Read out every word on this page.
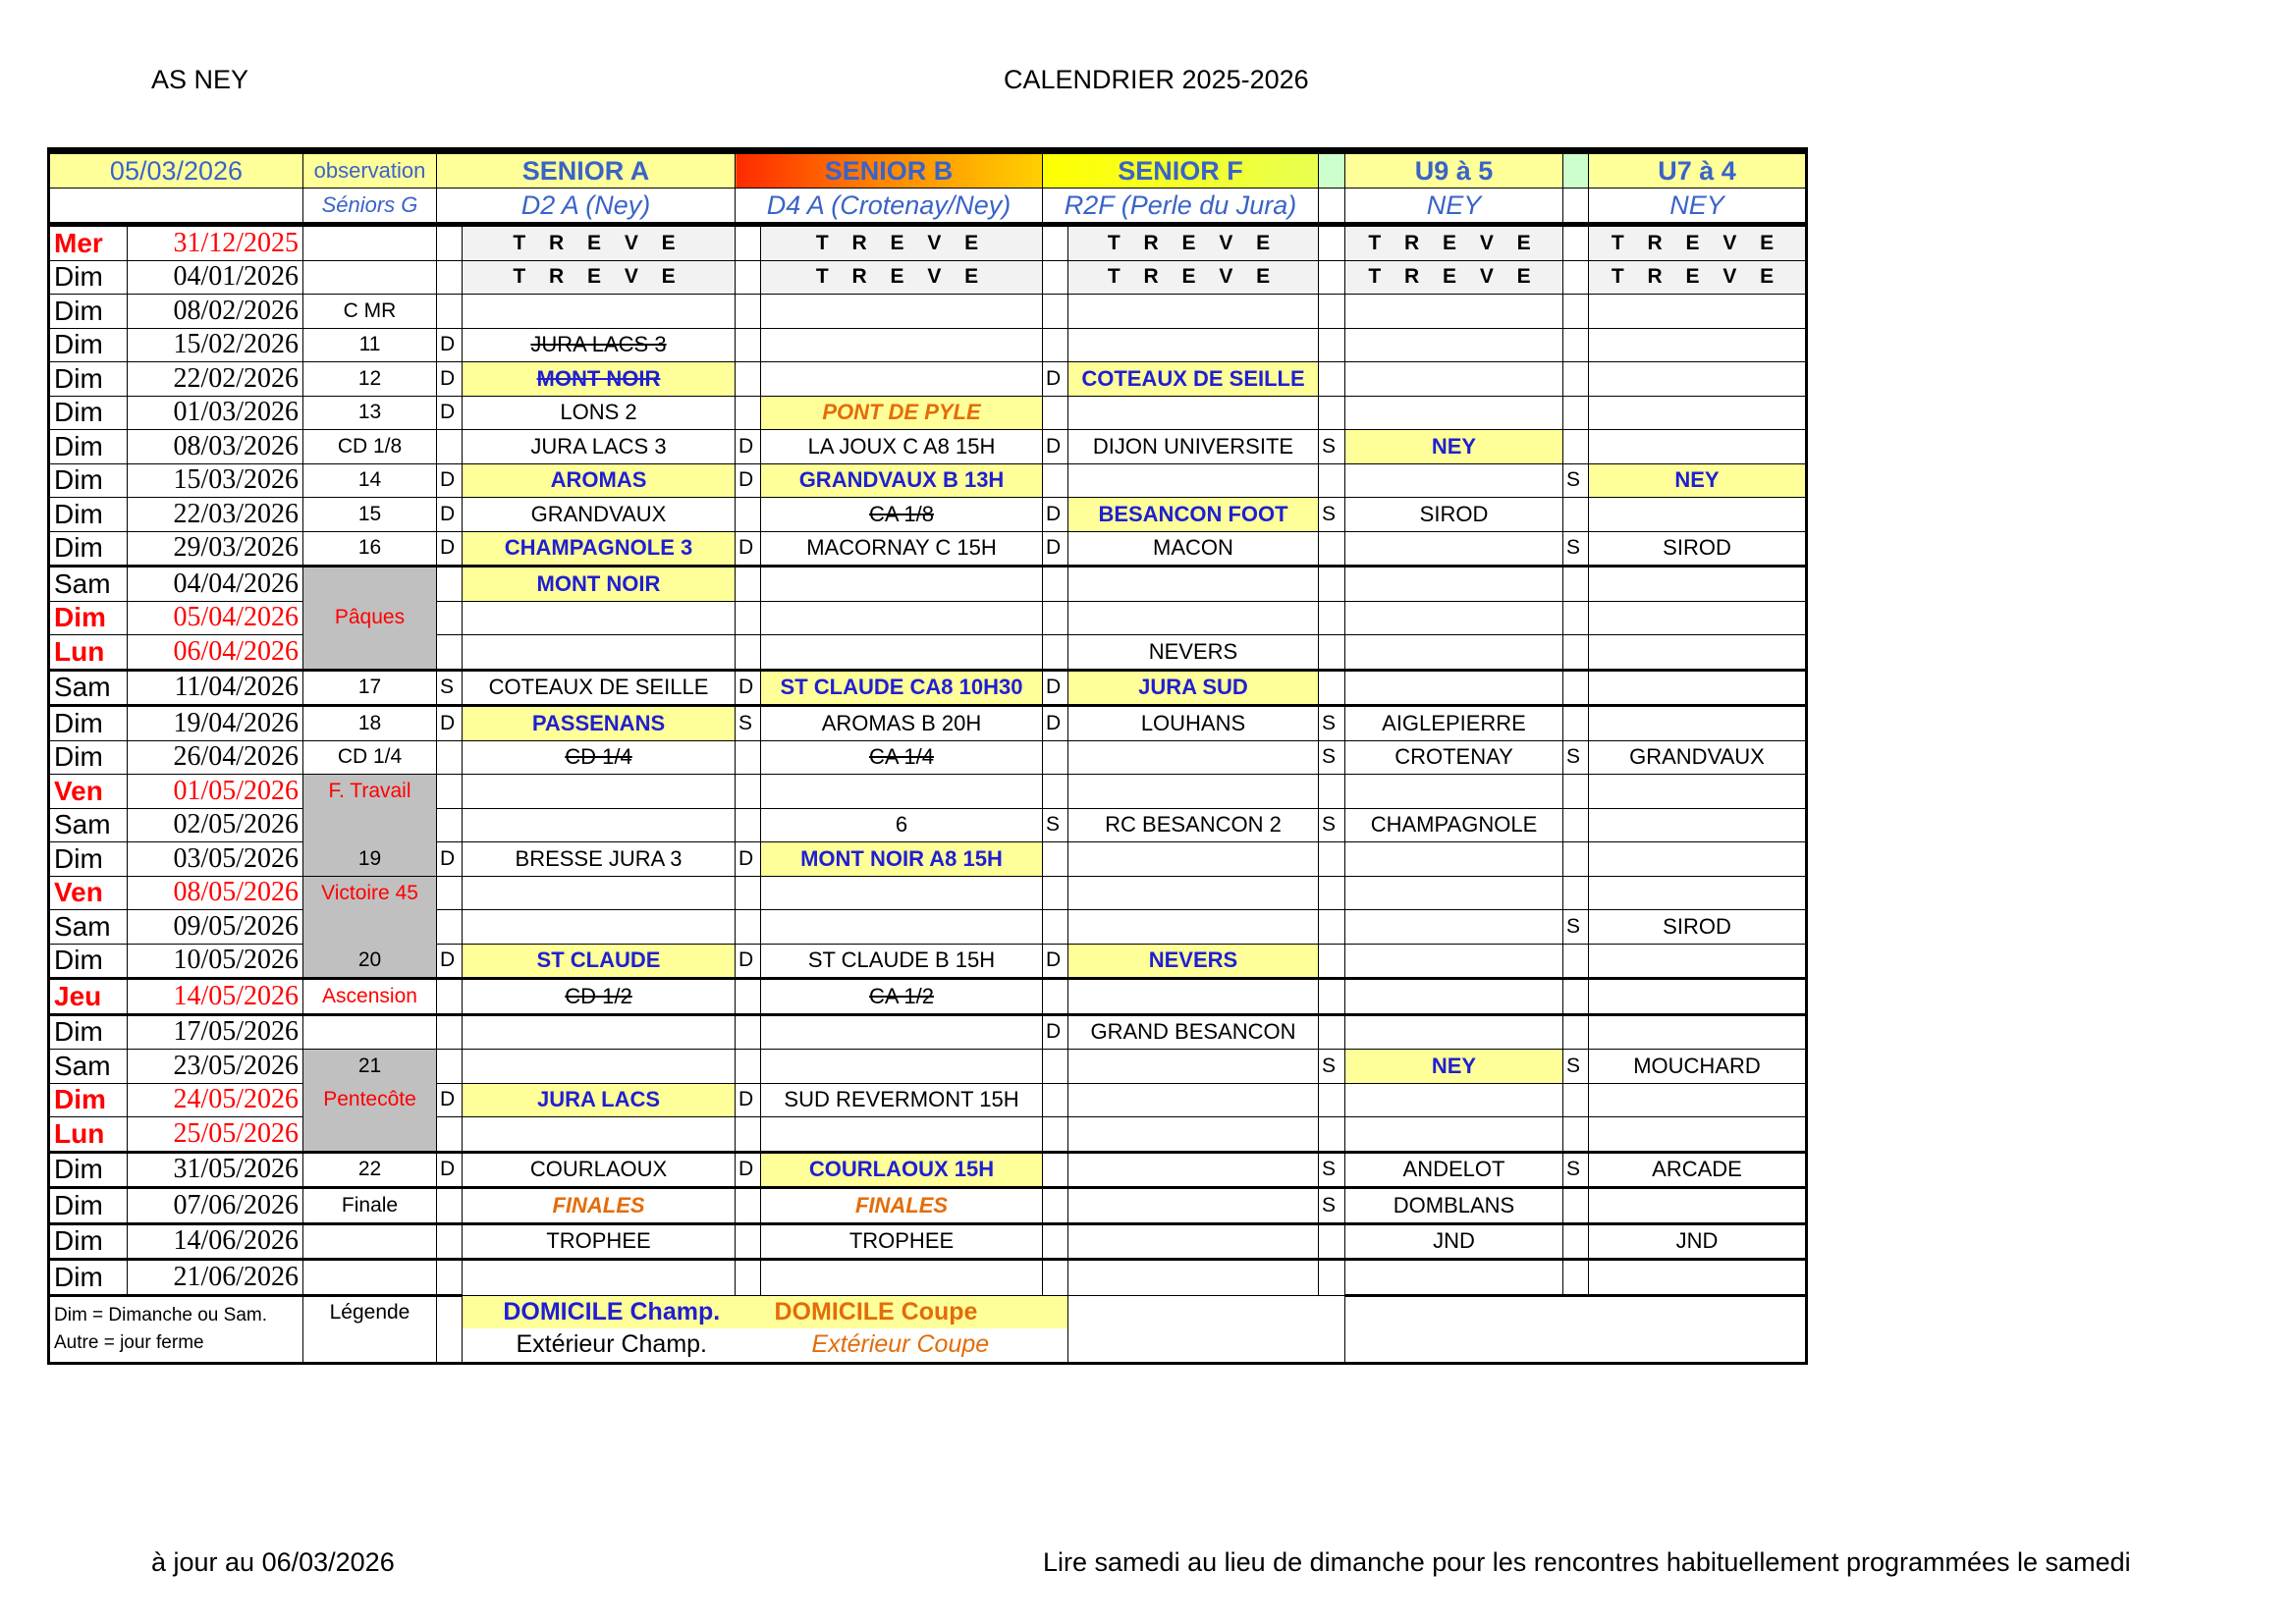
AS NEY	CALENDRIER 2025-2026
05/03/2026		observation	SENIOR A		SENIOR B		SENIOR F			U9 à 5		U7 à 4
		Séniors G	D2 A (Ney)		D4 A (Crotenay/Ney)		R2F (Perle du Jura)			NEY		NEY
Mer	31/12/2025			T R E V E		T R E V E		T R E V E		T R E V E		T R E V E
Dim	04/01/2026			T R E V E		T R E V E		T R E V E		T R E V E		T R E V E
Dim	08/02/2026	C MR										
Dim	15/02/2026	11	D	JURA LACS 3								
Dim	22/02/2026	12	D	MONT NOIR			D	COTEAUX DE SEILLE				
Dim	01/03/2026	13	D	LONS 2		PONT DE PYLE						
Dim	08/03/2026	CD 1/8		JURA LACS 3	D	LA JOUX C A8 15H	D	DIJON UNIVERSITE	S	NEY		
Dim	15/03/2026	14	D	AROMAS	D	GRANDVAUX B 13H					S	NEY
Dim	22/03/2026	15	D	GRANDVAUX		CA 1/8	D	BESANCON FOOT	S	SIROD		
Dim	29/03/2026	16	D	CHAMPAGNOLE 3	D	MACORNAY C 15H	D	MACON			S	SIROD
Sam	04/04/2026			MONT NOIR								
Dim	05/04/2026	Pâques										
Lun	06/04/2026							NEVERS				
Sam	11/04/2026	17	S	COTEAUX DE SEILLE	D	ST CLAUDE CA8 10H30	D	JURA SUD				
Dim	19/04/2026	18	D	PASSENANS	S	AROMAS B 20H	D	LOUHANS	S	AIGLEPIERRE		
Dim	26/04/2026	CD 1/4		CD 1/4		CA 1/4			S	CROTENAY	S	GRANDVAUX
Ven	01/05/2026	F. Travail										
Sam	02/05/2026					6	S	RC BESANCON 2	S	CHAMPAGNOLE		
Dim	03/05/2026	19	D	BRESSE JURA 3	D	MONT NOIR A8 15H						
Ven	08/05/2026	Victoire 45										
Sam	09/05/2026										S	SIROD
Dim	10/05/2026	20	D	ST CLAUDE	D	ST CLAUDE B 15H	D	NEVERS				
Jeu	14/05/2026	Ascension		CD 1/2		CA 1/2						
Dim	17/05/2026						D	GRAND BESANCON				
Sam	23/05/2026	21							S	NEY	S	MOUCHARD
Dim	24/05/2026	Pentecôte	D	JURA LACS	D	SUD REVERMONT 15H						
Lun	25/05/2026											
Dim	31/05/2026	22	D	COURLAOUX	D	COURLAOUX 15H			S	ANDELOT	S	ARCADE
Dim	07/06/2026	Finale		FINALES		FINALES			S	DOMBLANS		
Dim	14/06/2026			TROPHEE		TROPHEE				JND		JND
Dim	21/06/2026											

Dim = Dimanche ou Sam.
Autre = jour ferme		Légende		DOMICILE Champ.		DOMICILE Coupe						
				Extérieur Champ.		Extérieur Coupe						
à jour au 06/03/2026	Lire samedi au lieu de dimanche pour les rencontres habituellement programmées le samedi
